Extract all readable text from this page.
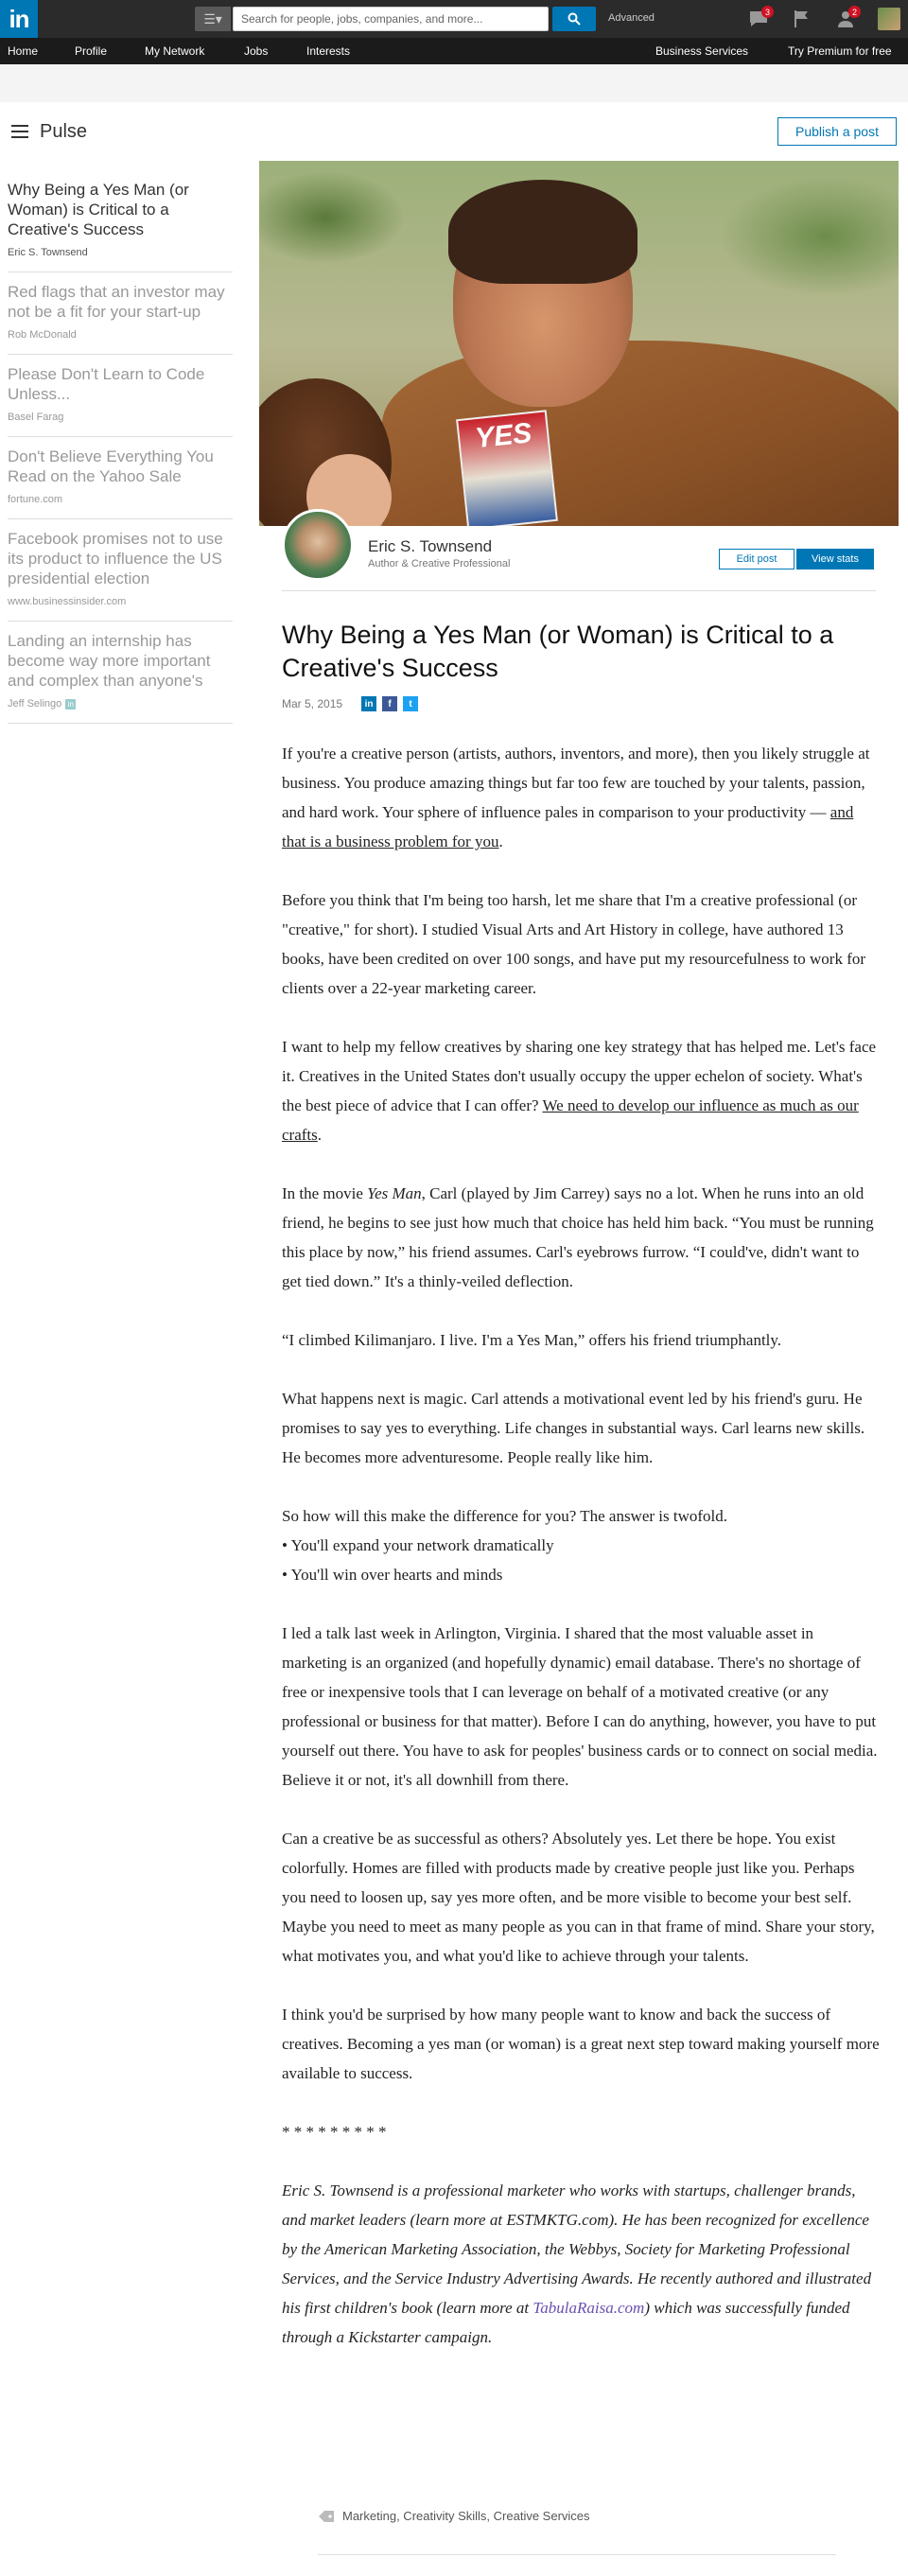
in	☰▾
Search for people, jobs, companies, and more...	Advanced
3	2
Home	Profile	My Network	Jobs	Interests	Business Services	Try Premium for free
Pulse	Publish a post
Why Being a Yes Man (or Woman) is Critical to a Creative's Success
Eric S. Townsend
Red flags that an investor may not be a fit for your start-up
Rob McDonald
Please Don't Learn to Code Unless...
Basel Farag
Don't Believe Everything You Read on the Yahoo Sale
fortune.com
Facebook promises not to use its product to influence the US presidential election
www.businessinsider.com
Landing an internship has become way more important and complex than anyone's
Jeff Selingo in
YES
Eric S. Townsend
Author & Creative Professional	Edit post	View stats
Why Being a Yes Man (or Woman) is Critical to a Creative's Success
Mar 5, 2015	in	f	t

If you're a creative person (artists, authors, inventors, and more), then you likely struggle at business. You produce amazing things but far too few are touched by your talents, passion, and hard work. Your sphere of influence pales in comparison to your productivity — and that is a business problem for you.

Before you think that I'm being too harsh, let me share that I'm a creative professional (or "creative," for short). I studied Visual Arts and Art History in college, have authored 13 books, have been credited on over 100 songs, and have put my resourcefulness to work for clients over a 22-year marketing career.

I want to help my fellow creatives by sharing one key strategy that has helped me. Let's face it. Creatives in the United States don't usually occupy the upper echelon of society. What's the best piece of advice that I can offer? We need to develop our influence as much as our crafts.

In the movie Yes Man, Carl (played by Jim Carrey) says no a lot. When he runs into an old friend, he begins to see just how much that choice has held him back. “You must be running this place by now,” his friend assumes. Carl's eyebrows furrow. “I could've, didn't want to get tied down.” It's a thinly-veiled deflection.

“I climbed Kilimanjaro. I live. I'm a Yes Man,” offers his friend triumphantly.

What happens next is magic. Carl attends a motivational event led by his friend's guru. He promises to say yes to everything. Life changes in substantial ways. Carl learns new skills. He becomes more adventuresome. People really like him.

So how will this make the difference for you? The answer is twofold.

• You'll expand your network dramatically

• You'll win over hearts and minds

I led a talk last week in Arlington, Virginia. I shared that the most valuable asset in marketing is an organized (and hopefully dynamic) email database. There's no shortage of free or inexpensive tools that I can leverage on behalf of a motivated creative (or any professional or business for that matter). Before I can do anything, however, you have to put yourself out there. You have to ask for peoples' business cards or to connect on social media. Believe it or not, it's all downhill from there.

Can a creative be as successful as others? Absolutely yes. Let there be hope. You exist colorfully. Homes are filled with products made by creative people just like you. Perhaps you need to loosen up, say yes more often, and be more visible to become your best self. Maybe you need to meet as many people as you can in that frame of mind. Share your story, what motivates you, and what you'd like to achieve through your talents.

I think you'd be surprised by how many people want to know and back the success of creatives. Becoming a yes man (or woman) is a great next step toward making yourself more available to success.

* * * * * * * * *

Eric S. Townsend is a professional marketer who works with startups, challenger brands, and market leaders (learn more at ESTMKTG.com). He has been recognized for excellence by the American Marketing Association, the Webbys, Society for Marketing Professional Services, and the Service Industry Advertising Awards. He recently authored and illustrated his first children's book (learn more at TabulaRaisa.com) which was successfully funded through a Kickstarter campaign.

Marketing, Creativity Skills, Creative Services
